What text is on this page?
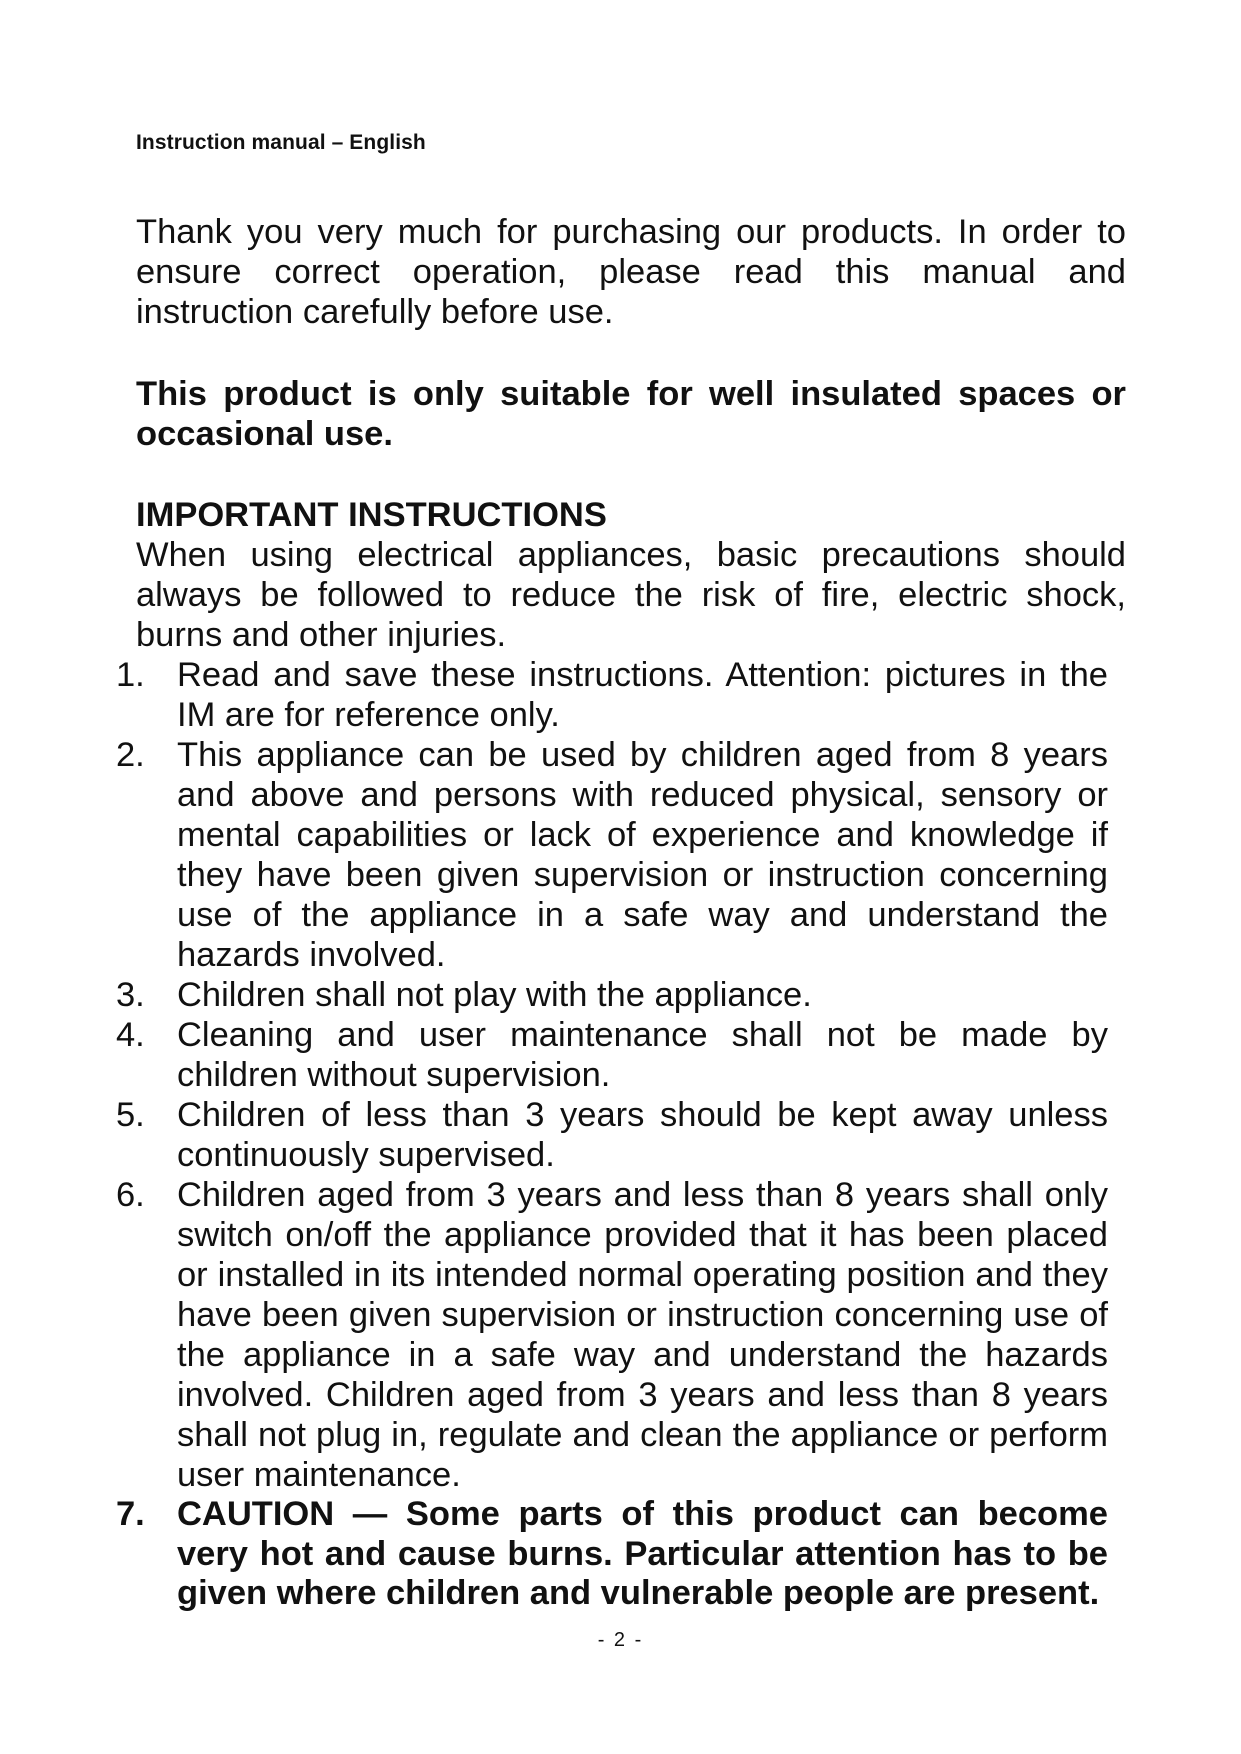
Instruction manual – English

Thank you very much for purchasing our products. In order to ensure correct operation, please read this manual and instruction carefully before use.

This product is only suitable for well insulated spaces or occasional use.

IMPORTANT INSTRUCTIONS

When using electrical appliances, basic precautions should always be followed to reduce the risk of fire, electric shock, burns and other injuries.

1. Read and save these instructions. Attention: pictures in the IM are for reference only.
2. This appliance can be used by children aged from 8 years and above and persons with reduced physical, sensory or mental capabilities or lack of experience and knowledge if they have been given supervision or instruction concerning use of the appliance in a safe way and understand the hazards involved.
3. Children shall not play with the appliance.
4. Cleaning and user maintenance shall not be made by children without supervision.
5. Children of less than 3 years should be kept away unless continuously supervised.
6. Children aged from 3 years and less than 8 years shall only switch on/off the appliance provided that it has been placed or installed in its intended normal operating position and they have been given supervision or instruction concerning use of the appliance in a safe way and understand the hazards involved. Children aged from 3 years and less than 8 years shall not plug in, regulate and clean the appliance or perform user maintenance.
7. CAUTION — Some parts of this product can become very hot and cause burns. Particular attention has to be given where children and vulnerable people are present.
- 2 -
